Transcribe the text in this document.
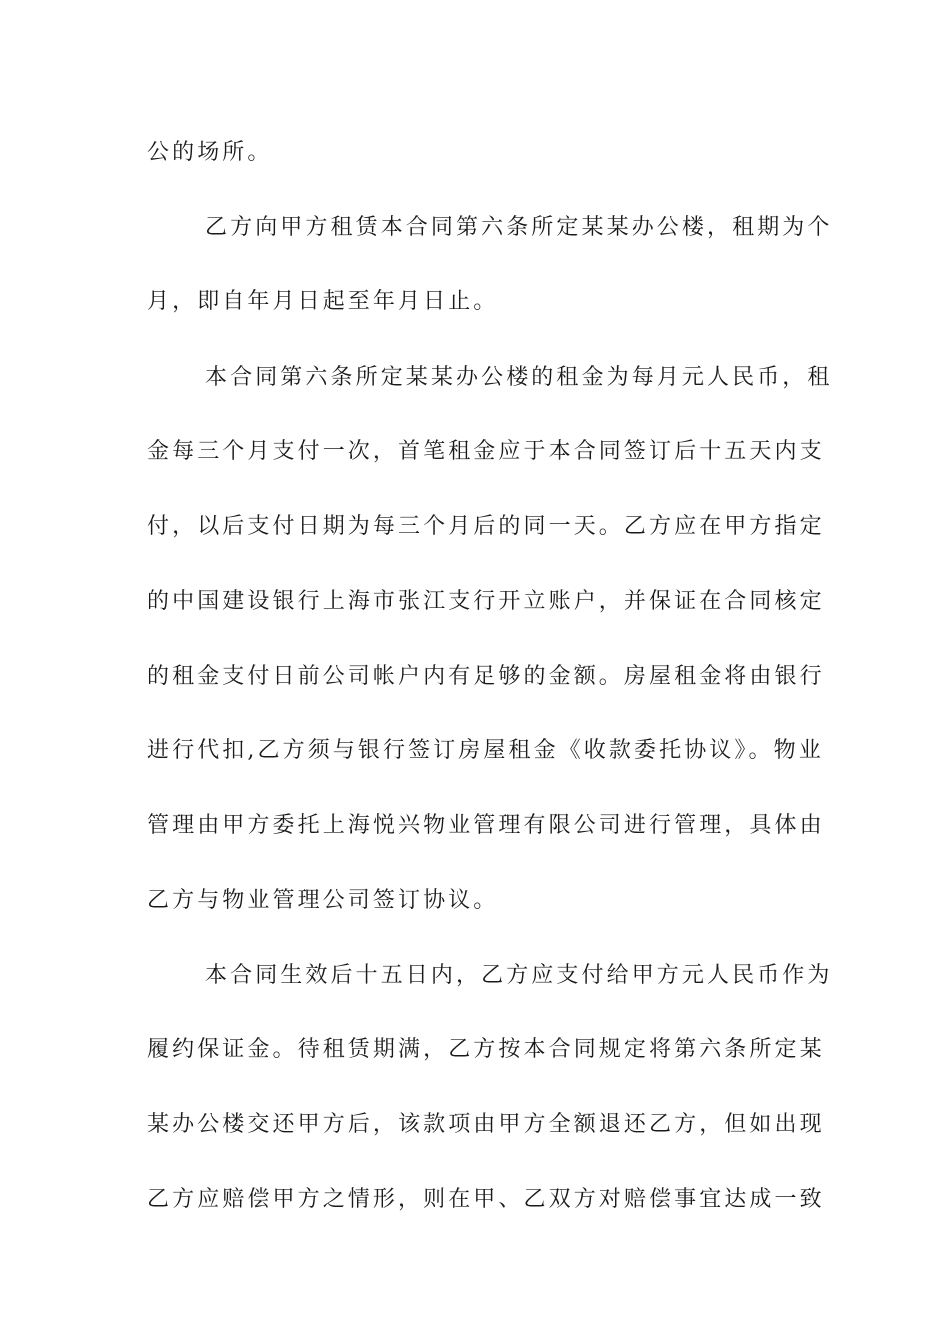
公的场所。
乙方向甲方租赁本合同第六条所定某某办公楼，租期为个
月，即自年月日起至年月日止。
本合同第六条所定某某办公楼的租金为每月元人民币，租
金每三个月支付一次，首笔租金应于本合同签订后十五天内支
付，以后支付日期为每三个月后的同一天。乙方应在甲方指定
的中国建设银行上海市张江支行开立账户，并保证在合同核定
的租金支付日前公司帐户内有足够的金额。房屋租金将由银行
进行代扣,乙方须与银行签订房屋租金《收款委托协议》。物业
管理由甲方委托上海悦兴物业管理有限公司进行管理，具体由
乙方与物业管理公司签订协议。
本合同生效后十五日内，乙方应支付给甲方元人民币作为
履约保证金。待租赁期满，乙方按本合同规定将第六条所定某
某办公楼交还甲方后，该款项由甲方全额退还乙方，但如出现
乙方应赔偿甲方之情形，则在甲、乙双方对赔偿事宜达成一致
